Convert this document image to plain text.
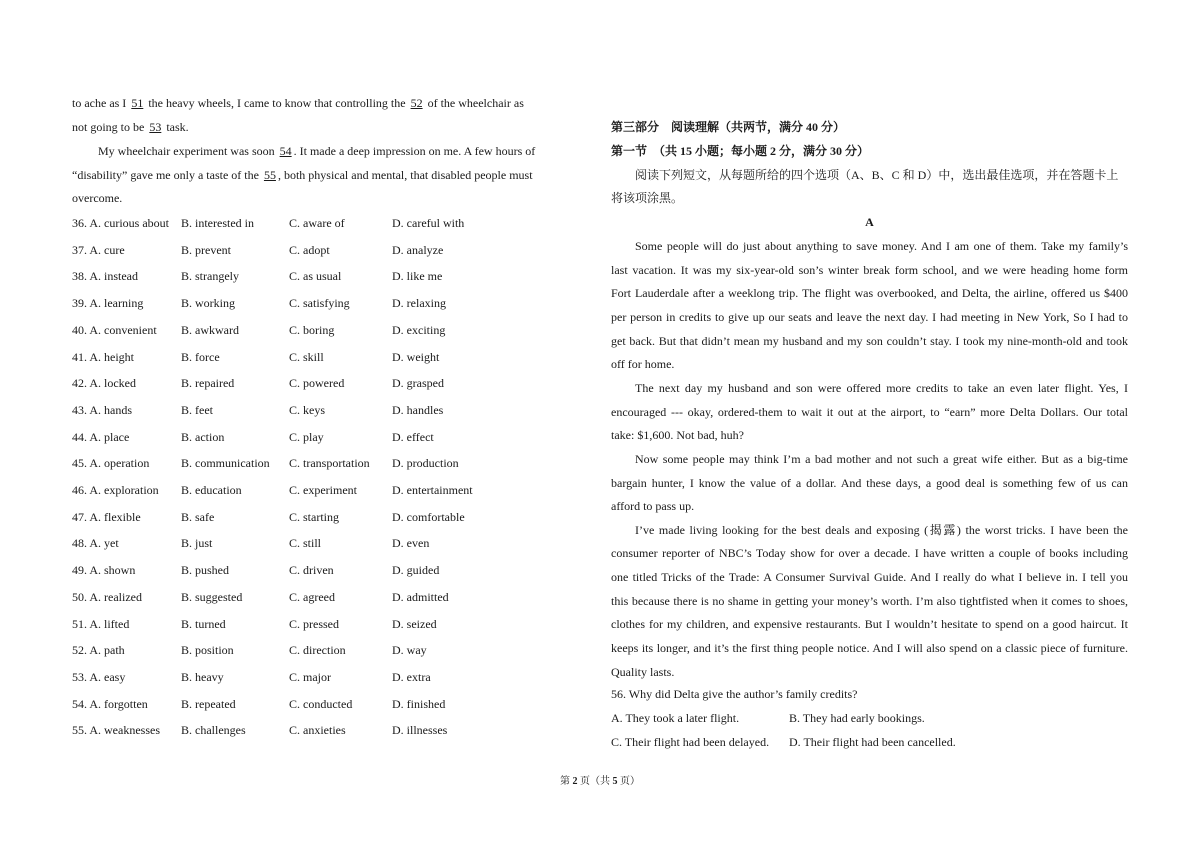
to ache as I 51 the heavy wheels, I came to know that controlling the 52 of the wheelchair as
not going to be 53 task.
My wheelchair experiment was soon 54 . It made a deep impression on me. A few hours of
“disability” gave me only a taste of the 55 , both physical and mental, that disabled people must
overcome.
36. A. curious about B. interested in	C. aware of	D. careful with
37. A. cure	B. prevent	C. adopt	D. analyze
38. A. instead	B. strangely	C. as usual	D. like me
39. A. learning	B. working	C. satisfying	D. relaxing
40. A. convenient B. awkward	C. boring	D. exciting
41. A. height	B. force	C. skill	D. weight
42. A. locked	B. repaired	C. powered	D. grasped
43. A. hands	B. feet	C. keys	D. handles
44. A. place	B. action	C. play	D. effect
45. A. operation	B. communication C. transportation D. production
46. A. exploration B. education	C. experiment	D. entertainment
47. A. flexible	B. safe	C. starting	D. comfortable
48. A. yet	B. just	C. still	D. even
49. A. shown	B. pushed	C. driven	D. guided
50. A. realized	B. suggested	C. agreed	D. admitted
51. A. lifted	B. turned	C. pressed	D. seized
52. A. path	B. position	C. direction	D. way
53. A. easy	B. heavy	C. major	D. extra
54. A. forgotten	B. repeated	C. conducted	D. finished
55. A. weaknesses B. challenges	C. anxieties	D. illnesses
第三部分　阅读理解（共两节，满分 40 分）
第一节　（共 15 小题；每小题 2 分，满分 30 分）
阅读下列短文，从每题所给的四个选项（A、B、C 和 D）中，选出最佳选项，并在答题卡上
将该项涂黑。
A
Some people will do just about anything to save money. And I am one of them. Take my family’s
last vacation. It was my six-year-old son’s winter break form school, and we were heading home form
Fort Lauderdale after a weeklong trip. The flight was overbooked, and Delta, the airline, offered us $400
per person in credits to give up our seats and leave the next day. I had meeting in New York, So I had to
get back. But that didn’t mean my husband and my son couldn’t stay. I took my nine-month-old and took
off for home.
The next day my husband and son were offered more credits to take an even later flight. Yes, I
encouraged --- okay, ordered-them to wait it out at the airport, to “earn” more Delta Dollars. Our total
take: $1,600. Not bad, huh?
Now some people may think I’m a bad mother and not such a great wife either. But as a big-time
bargain hunter, I know the value of a dollar. And these days, a good deal is something few of us can
afford to pass up.
I’ve made living looking for the best deals and exposing (揭露) the worst tricks. I have been the
consumer reporter of NBC’s Today show for over a decade. I have written a couple of books including
one titled Tricks of the Trade: A Consumer Survival Guide. And I really do what I believe in. I tell you
this because there is no shame in getting your money’s worth. I’m also tightfisted when it comes to shoes,
clothes for my children, and expensive restaurants. But I wouldn’t hesitate to spend on a good haircut. It
keeps its longer, and it’s the first thing people notice. And I will also spend on a classic piece of furniture.
Quality lasts.
56. Why did Delta give the author’s family credits?
A. They took a later flight.	B. They had early bookings.
C. Their flight had been delayed. D. Their flight had been cancelled.
第 2 页（共 5 页）
